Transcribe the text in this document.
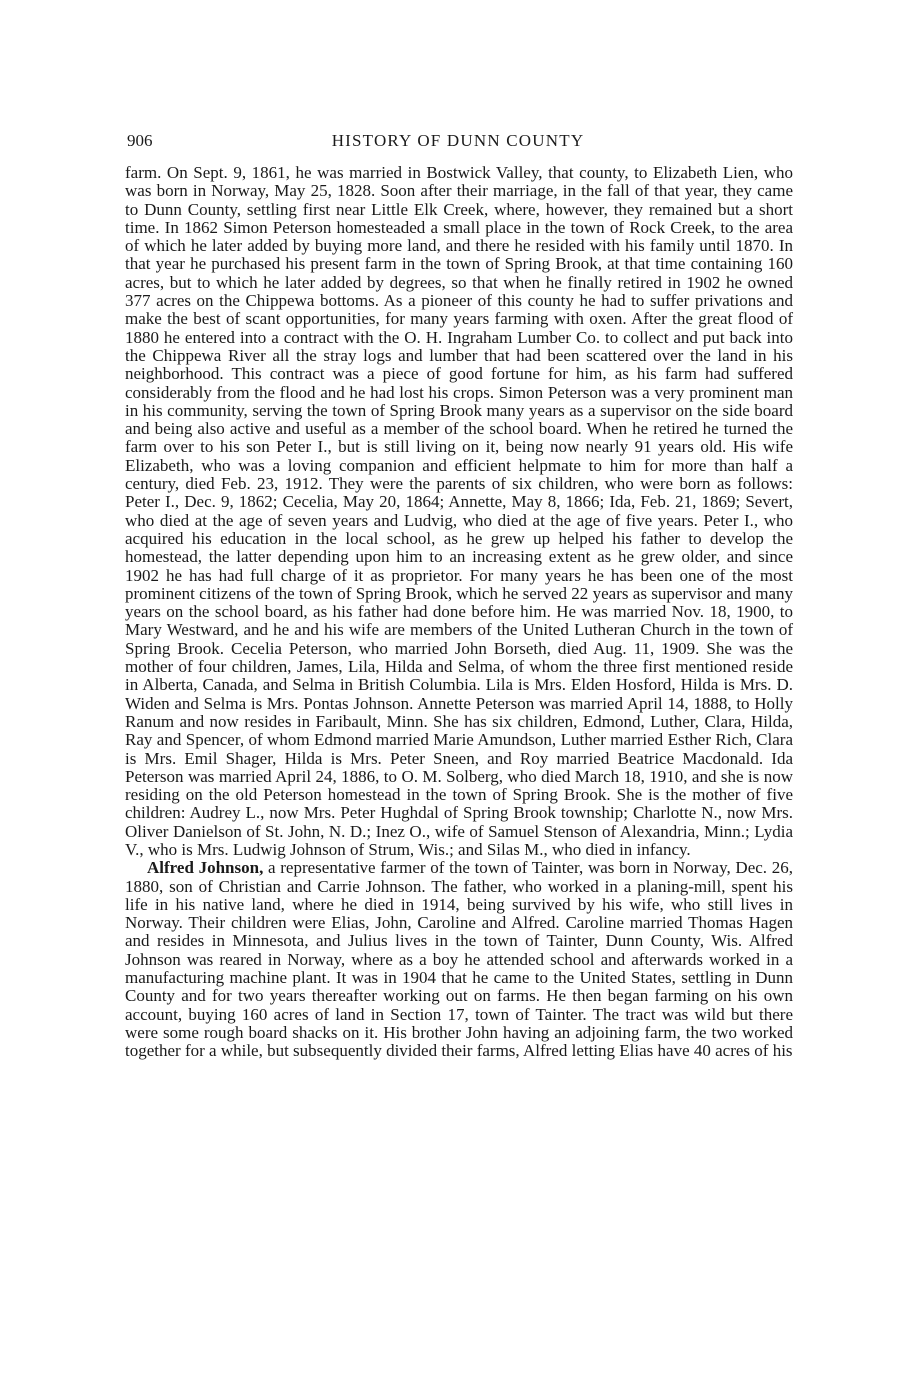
906	HISTORY OF DUNN COUNTY

farm. On Sept. 9, 1861, he was married in Bostwick Valley, that county, to Elizabeth Lien, who was born in Norway, May 25, 1828. Soon after their marriage, in the fall of that year, they came to Dunn County, settling first near Little Elk Creek, where, however, they remained but a short time. In 1862 Simon Peterson homesteaded a small place in the town of Rock Creek, to the area of which he later added by buying more land, and there he resided with his family until 1870. In that year he purchased his present farm in the town of Spring Brook, at that time containing 160 acres, but to which he later added by degrees, so that when he finally retired in 1902 he owned 377 acres on the Chippewa bottoms. As a pioneer of this county he had to suffer privations and make the best of scant opportunities, for many years farming with oxen. After the great flood of 1880 he entered into a contract with the O. H. Ingraham Lumber Co. to collect and put back into the Chippewa River all the stray logs and lumber that had been scattered over the land in his neighborhood. This contract was a piece of good fortune for him, as his farm had suffered considerably from the flood and he had lost his crops. Simon Peterson was a very prominent man in his community, serving the town of Spring Brook many years as a supervisor on the side board and being also active and useful as a member of the school board. When he retired he turned the farm over to his son Peter I., but is still living on it, being now nearly 91 years old. His wife Elizabeth, who was a loving companion and efficient helpmate to him for more than half a century, died Feb. 23, 1912. They were the parents of six children, who were born as follows: Peter I., Dec. 9, 1862; Cecelia, May 20, 1864; Annette, May 8, 1866; Ida, Feb. 21, 1869; Severt, who died at the age of seven years and Ludvig, who died at the age of five years. Peter I., who acquired his education in the local school, as he grew up helped his father to develop the homestead, the latter depending upon him to an increasing extent as he grew older, and since 1902 he has had full charge of it as proprietor. For many years he has been one of the most prominent citizens of the town of Spring Brook, which he served 22 years as supervisor and many years on the school board, as his father had done before him. He was married Nov. 18, 1900, to Mary Westward, and he and his wife are members of the United Lutheran Church in the town of Spring Brook. Cecelia Peterson, who married John Borseth, died Aug. 11, 1909. She was the mother of four children, James, Lila, Hilda and Selma, of whom the three first mentioned reside in Alberta, Canada, and Selma in British Columbia. Lila is Mrs. Elden Hosford, Hilda is Mrs. D. Widen and Selma is Mrs. Pontas Johnson. Annette Peterson was married April 14, 1888, to Holly Ranum and now resides in Faribault, Minn. She has six children, Edmond, Luther, Clara, Hilda, Ray and Spencer, of whom Edmond married Marie Amundson, Luther married Esther Rich, Clara is Mrs. Emil Shager, Hilda is Mrs. Peter Sneen, and Roy married Beatrice Macdonald. Ida Peterson was married April 24, 1886, to O. M. Solberg, who died March 18, 1910, and she is now residing on the old Peterson homestead in the town of Spring Brook. She is the mother of five children: Audrey L., now Mrs. Peter Hughdal of Spring Brook township; Charlotte N., now Mrs. Oliver Danielson of St. John, N. D.; Inez O., wife of Samuel Stenson of Alexandria, Minn.; Lydia V., who is Mrs. Ludwig Johnson of Strum, Wis.; and Silas M., who died in infancy.

Alfred Johnson, a representative farmer of the town of Tainter, was born in Norway, Dec. 26, 1880, son of Christian and Carrie Johnson. The father, who worked in a planing-mill, spent his life in his native land, where he died in 1914, being survived by his wife, who still lives in Norway. Their children were Elias, John, Caroline and Alfred. Caroline married Thomas Hagen and resides in Minnesota, and Julius lives in the town of Tainter, Dunn County, Wis. Alfred Johnson was reared in Norway, where as a boy he attended school and afterwards worked in a manufacturing machine plant. It was in 1904 that he came to the United States, settling in Dunn County and for two years thereafter working out on farms. He then began farming on his own account, buying 160 acres of land in Section 17, town of Tainter. The tract was wild but there were some rough board shacks on it. His brother John having an adjoining farm, the two worked together for a while, but subsequently divided their farms, Alfred letting Elias have 40 acres of his
